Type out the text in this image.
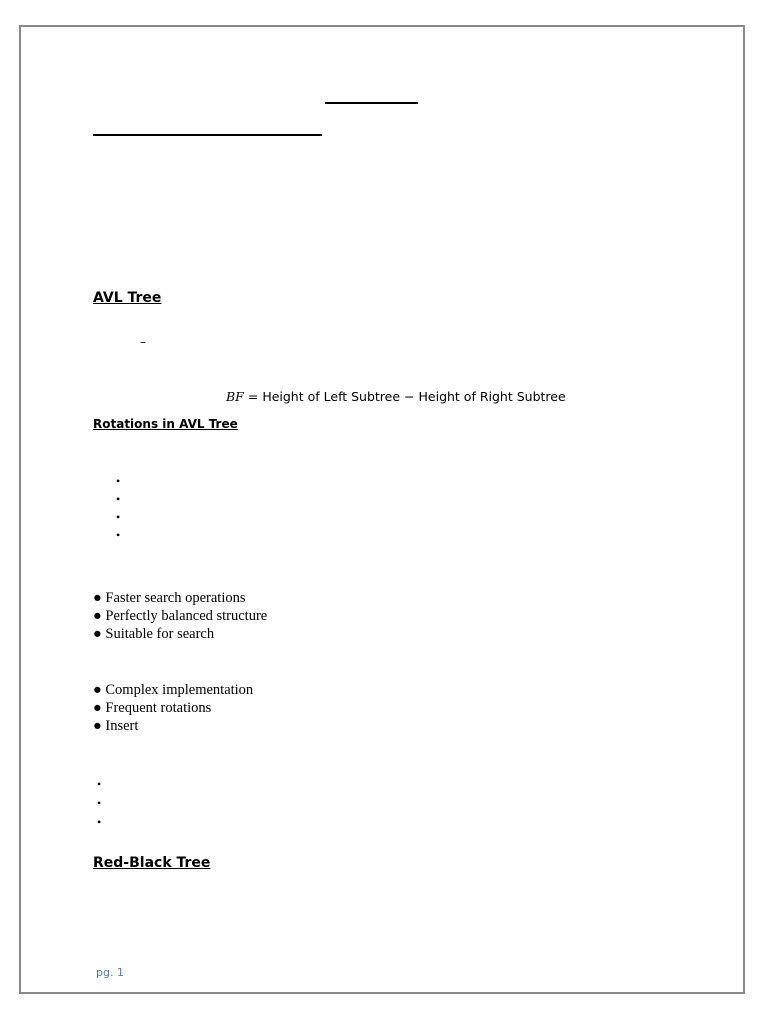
AVL Tree
–
BF = Height of Left Subtree − Height of Right Subtree
Rotations in AVL Tree
•
•
•
•
● Faster search operations
● Perfectly balanced structure
● Suitable for search
● Complex implementation
● Frequent rotations
● Insert
•
•
•
Red-Black Tree
pg. 1
